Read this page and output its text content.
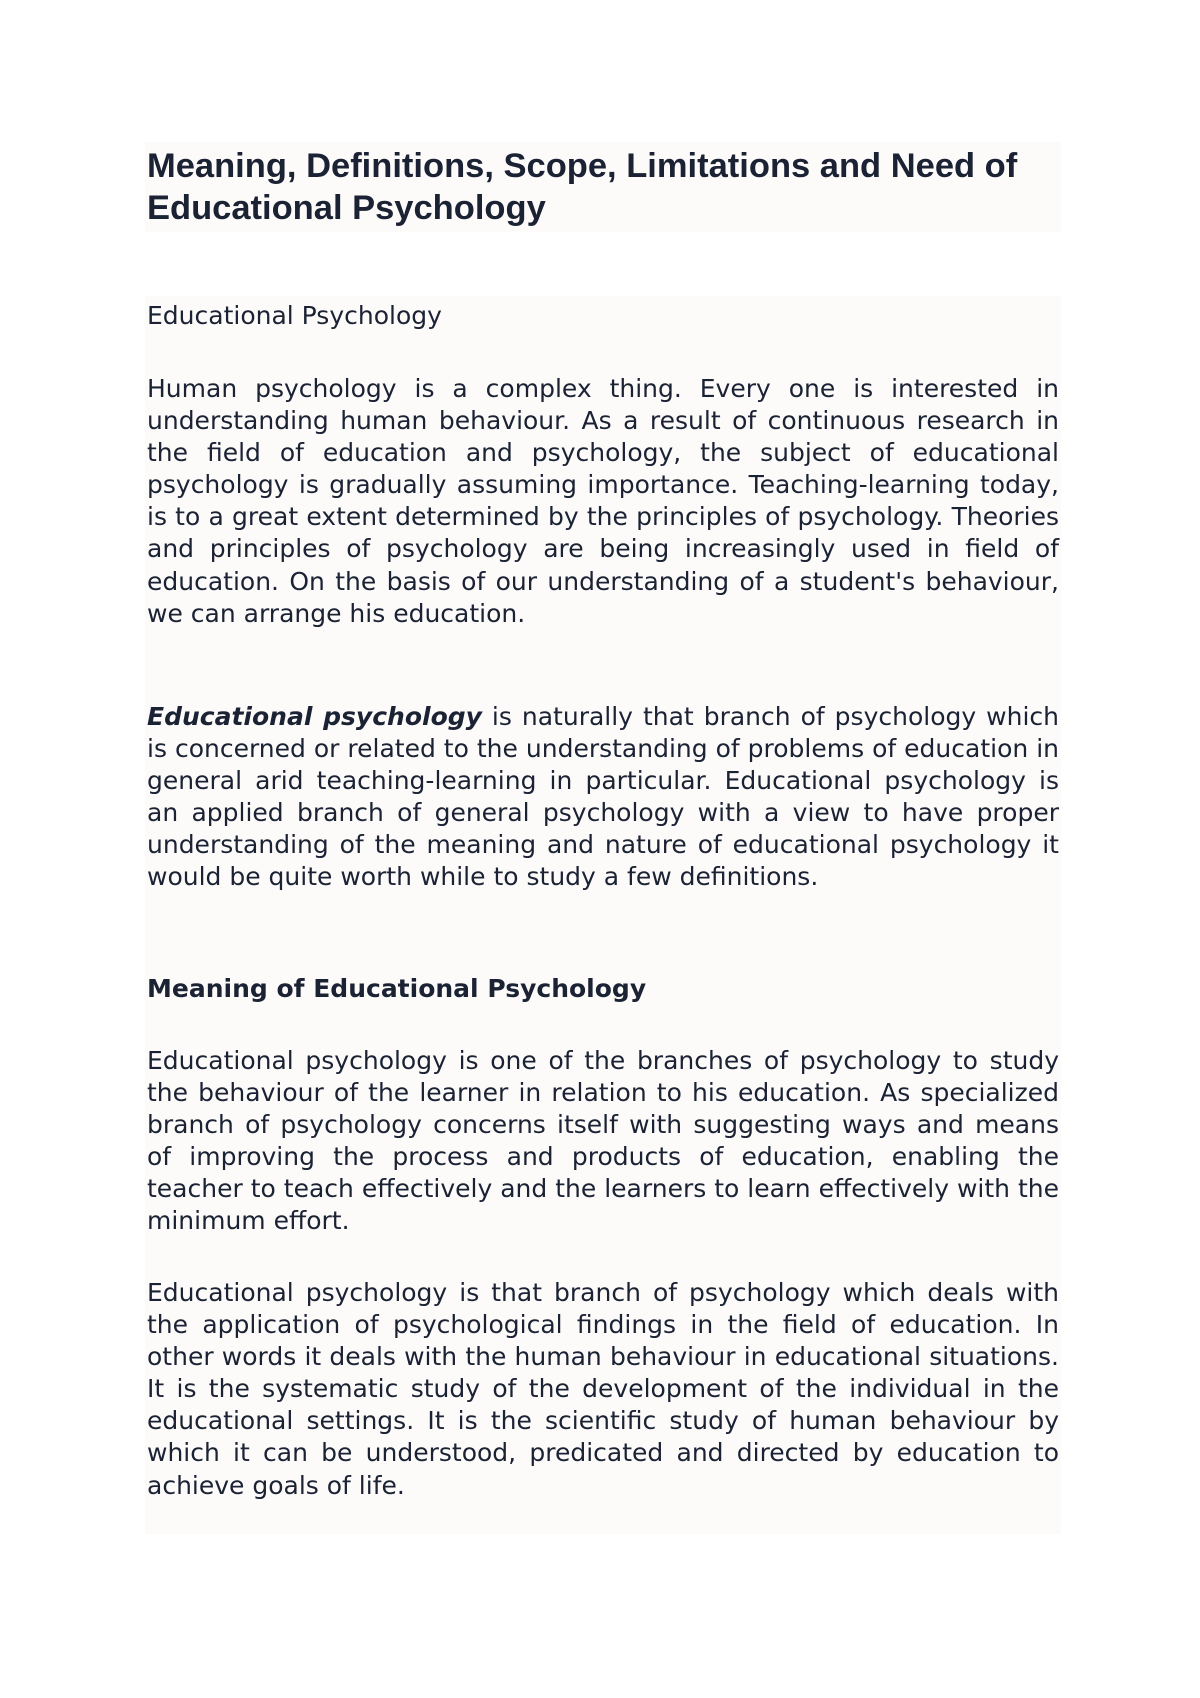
Meaning, Definitions, Scope, Limitations and Need of Educational Psychology

Educational Psychology

Human psychology is a complex thing. Every one is interested in understanding human behaviour. As a result of continuous research in the field of education and psychology, the subject of educational psychology is gradually assuming importance. Teaching-learning today, is to a great extent determined by the principles of psychology. Theories and principles of psychology are being increasingly used in field of education. On the basis of our understanding of a student's behaviour, we can arrange his education.

Educational psychology is naturally that branch of psychology which is concerned or related to the understanding of problems of education in general arid teaching-learning in particular. Educational psychology is an applied branch of general psychology with a view to have proper understanding of the meaning and nature of educational psychology it would be quite worth while to study a few definitions.

Meaning of Educational Psychology

Educational psychology is one of the branches of psychology to study the behaviour of the learner in relation to his education. As specialized branch of psychology concerns itself with suggesting ways and means of improving the process and products of education, enabling the teacher to teach effectively and the learners to learn effectively with the minimum effort.

Educational psychology is that branch of psychology which deals with the application of psychological findings in the field of education. In other words it deals with the human behaviour in educational situations. It is the systematic study of the development of the individual in the educational settings. It is the scientific study of human behaviour by which it can be understood, predicated and directed by education to achieve goals of life.
